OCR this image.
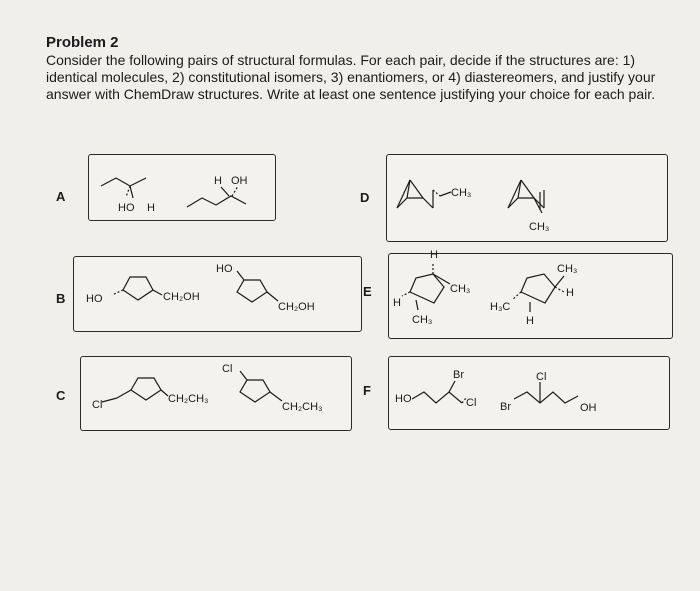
Problem 2
Consider the following pairs of structural formulas. For each pair, decide if the structures are: 1) identical molecules, 2) constitutional isomers, 3) enantiomers, or 4) diastereomers, and justify your answer with ChemDraw structures. Write at least one sentence justifying your choice for each pair.
A
B
C
D
E
F
HO H
H OH
HO	CH₂OH
HO
CH₂OH
Cl	CH₂CH₃
Cl
CH₂CH₃
CH₃
CH₃
H
CH₃
H
CH₃
CH₃
H
H₃C
H
Br
HO	Cl
Cl
Br	OH
